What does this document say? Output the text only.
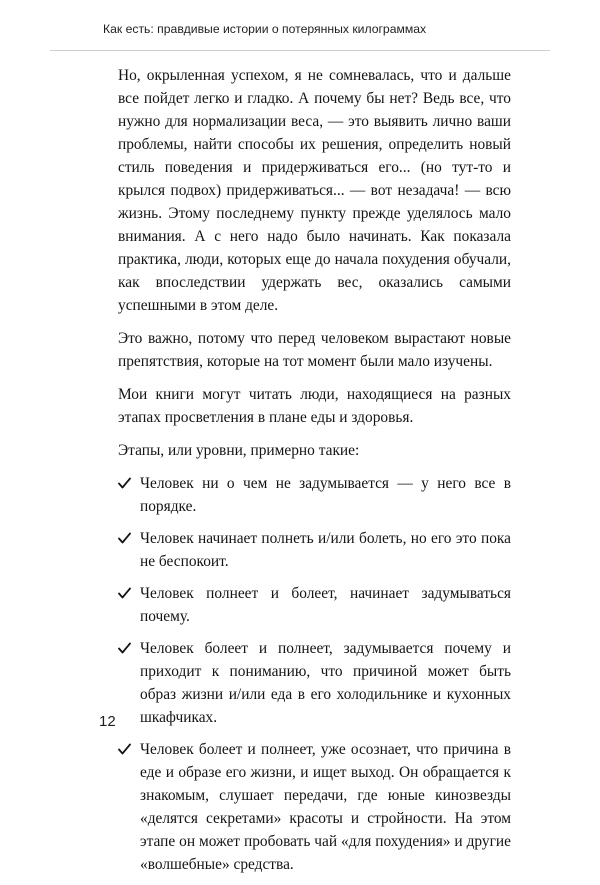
Как есть: правдивые истории о потерянных килограммах

Но, окрыленная успехом, я не сомневалась, что и дальше все пойдет легко и гладко. А почему бы нет? Ведь все, что нужно для нормализации веса, — это выявить лично ваши проблемы, найти способы их решения, определить новый стиль поведения и придерживаться его... (но тут-то и крылся подвох) придерживаться... — вот незадача! — всю жизнь. Этому последнему пункту прежде уделялось мало внимания. А с него надо было начинать. Как показала практика, люди, которых еще до начала похудения обучали, как впоследствии удержать вес, оказались самыми успешными в этом деле.

Это важно, потому что перед человеком вырастают новые препятствия, которые на тот момент были мало изучены.

Мои книги могут читать люди, находящиеся на разных этапах просветления в плане еды и здоровья.

Этапы, или уровни, примерно такие:

Человек ни о чем не задумывается — у него все в порядке.
Человек начинает полнеть и/или болеть, но его это пока не беспокоит.
Человек полнеет и болеет, начинает задумываться почему.
Человек болеет и полнеет, задумывается почему и приходит к пониманию, что причиной может быть образ жизни и/или еда в его холодильнике и кухонных шкафчиках.
Человек болеет и полнеет, уже осознает, что причина в еде и образе его жизни, и ищет выход. Он обращается к знакомым, слушает передачи, где юные кинозвезды «делятся секретами» красоты и стройности. На этом этапе он может пробовать чай «для похудения» и другие «волшебные» средства.
12
